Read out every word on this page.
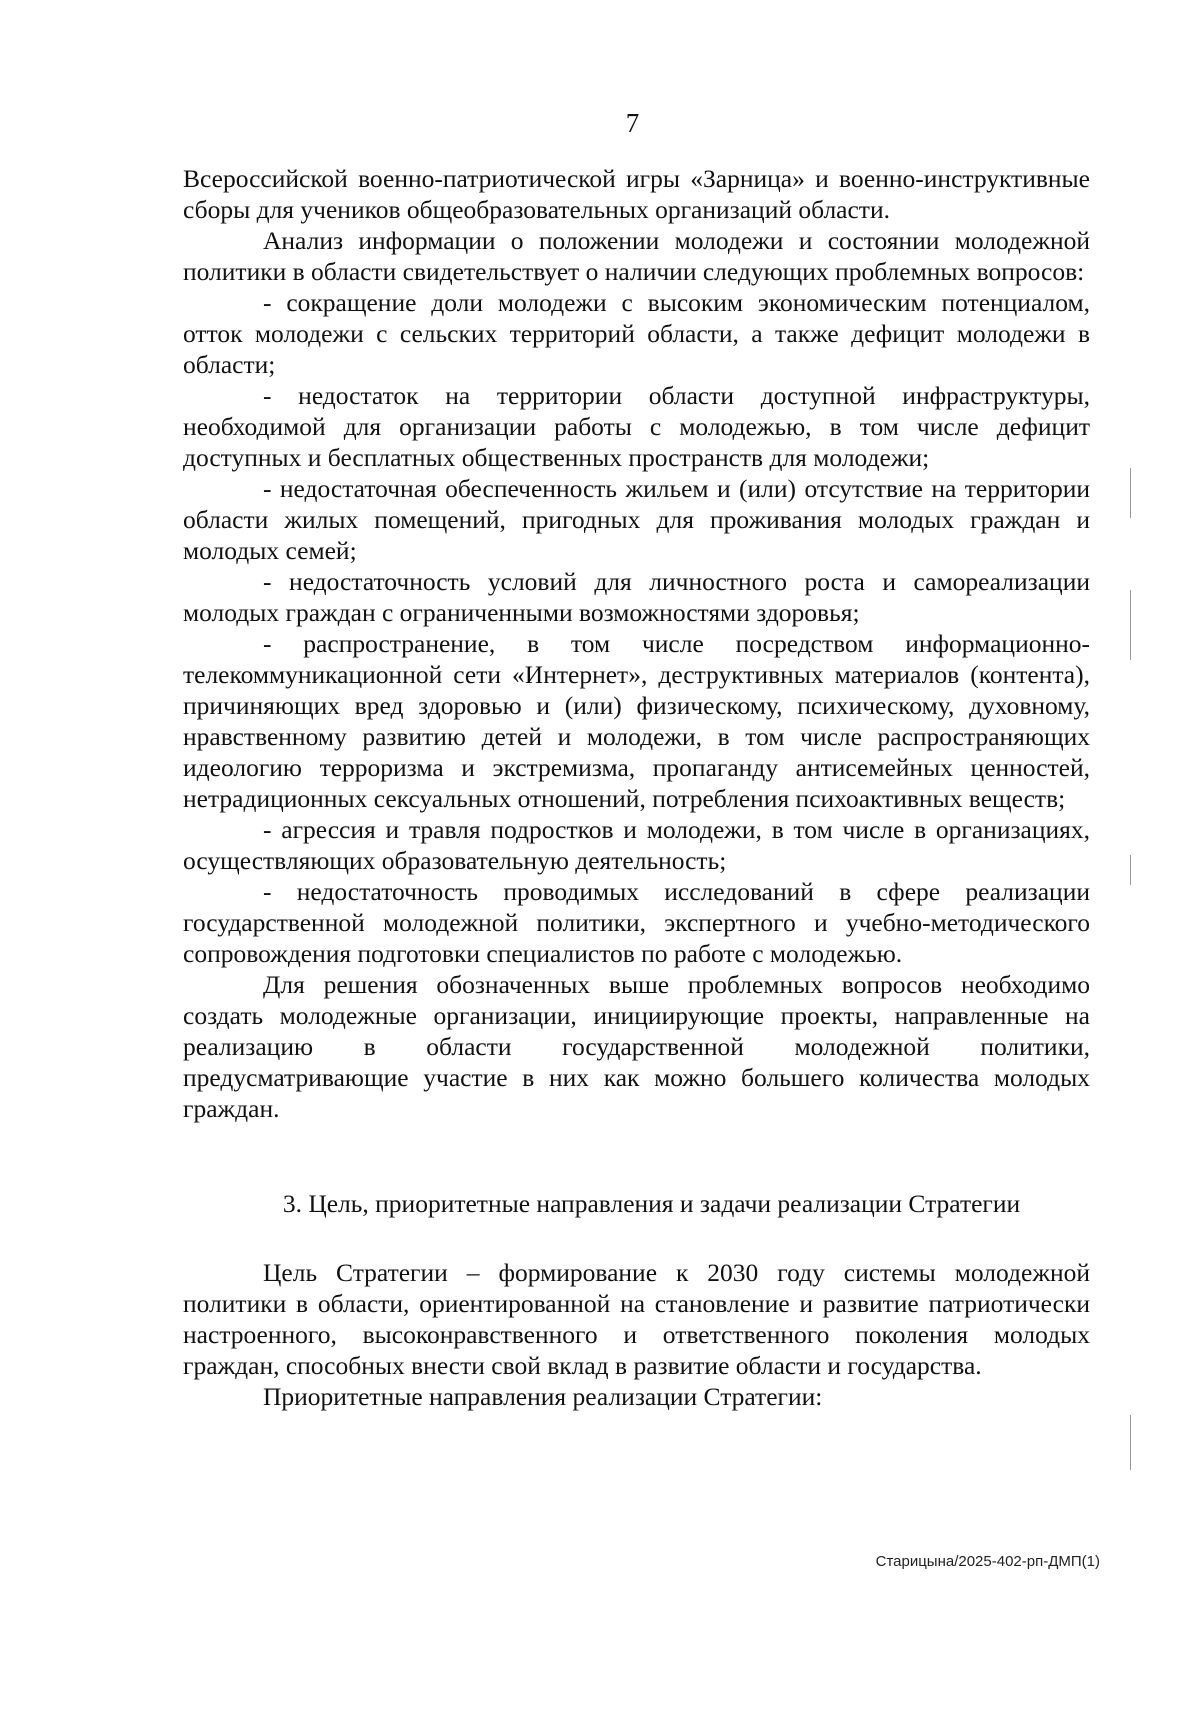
7

Всероссийской военно-патриотической игры «Зарница» и военно-инструктивные сборы для учеников общеобразовательных организаций области.

Анализ информации о положении молодежи и состоянии молодежной политики в области свидетельствует о наличии следующих проблемных вопросов:

- сокращение доли молодежи с высоким экономическим потенциалом, отток молодежи с сельских территорий области, а также дефицит молодежи в области;

- недостаток на территории области доступной инфраструктуры, необходимой для организации работы с молодежью, в том числе дефицит доступных и бесплатных общественных пространств для молодежи;

- недостаточная обеспеченность жильем и (или) отсутствие на территории области жилых помещений, пригодных для проживания молодых граждан и молодых семей;

- недостаточность условий для личностного роста и самореализации молодых граждан с ограниченными возможностями здоровья;

- распространение, в том числе посредством информационно-телекоммуникационной сети «Интернет», деструктивных материалов (контента), причиняющих вред здоровью и (или) физическому, психическому, духовному, нравственному развитию детей и молодежи, в том числе распространяющих идеологию терроризма и экстремизма, пропаганду антисемейных ценностей, нетрадиционных сексуальных отношений, потребления психоактивных веществ;

- агрессия и травля подростков и молодежи, в том числе в организациях, осуществляющих образовательную деятельность;

- недостаточность проводимых исследований в сфере реализации государственной молодежной политики, экспертного и учебно-методического сопровождения подготовки специалистов по работе с молодежью.

Для решения обозначенных выше проблемных вопросов необходимо создать молодежные организации, инициирующие проекты, направленные на реализацию в области государственной молодежной политики, предусматривающие участие в них как можно большего количества молодых граждан.

3. Цель, приоритетные направления и задачи реализации Стратегии

Цель Стратегии – формирование к 2030 году системы молодежной политики в области, ориентированной на становление и развитие патриотически настроенного, высоконравственного и ответственного поколения молодых граждан, способных внести свой вклад в развитие области и государства.

Приоритетные направления реализации Стратегии:

Старицына/2025-402-рп-ДМП(1)
